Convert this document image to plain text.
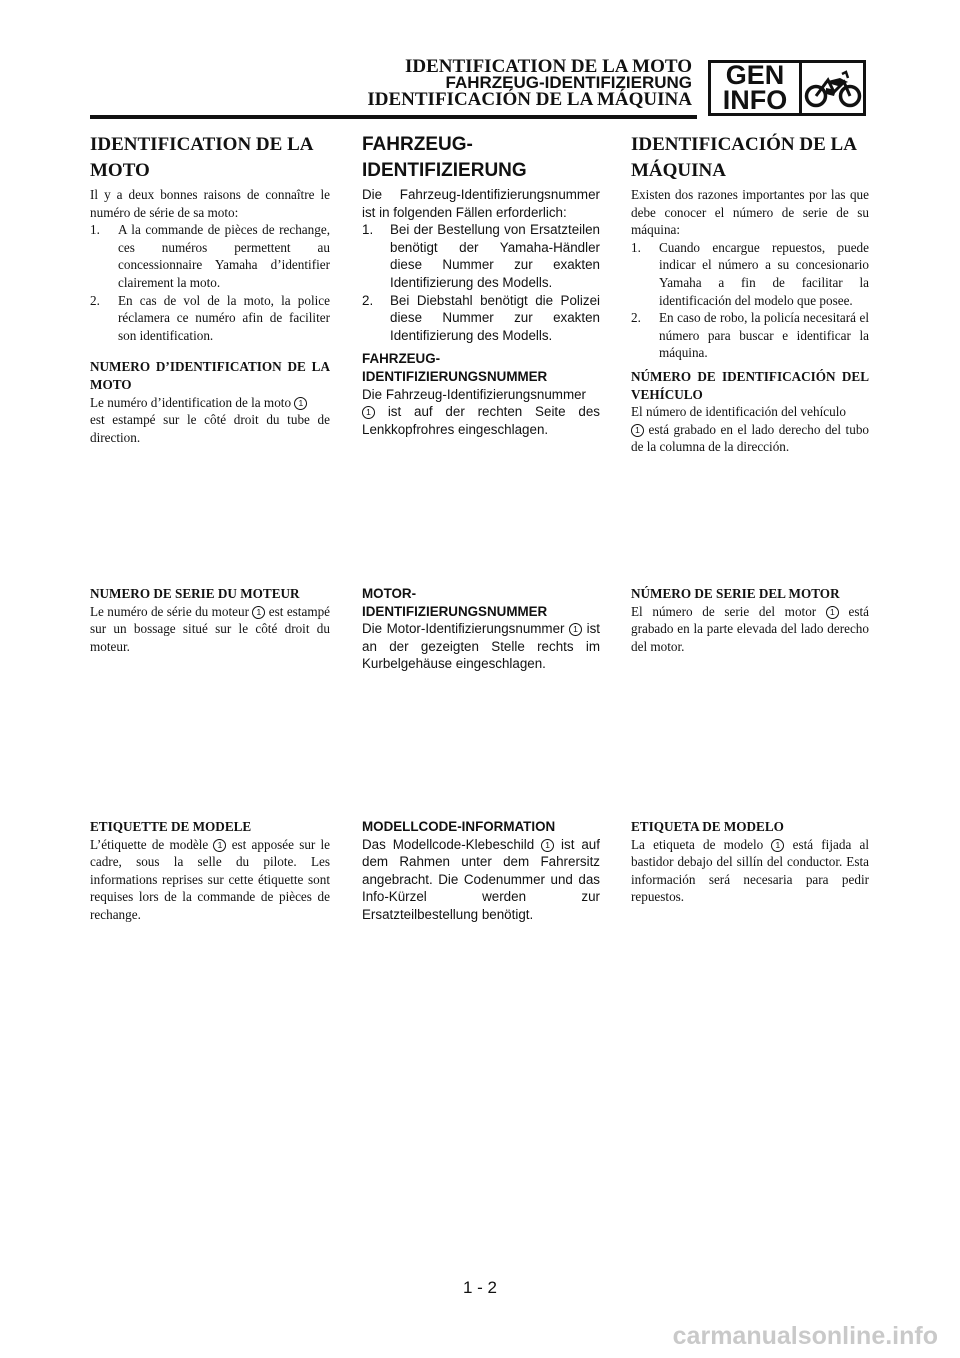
IDENTIFICATION DE LA MOTO
FAHRZEUG-IDENTIFIZIERUNG
IDENTIFICACIÓN DE LA MÁQUINA
GEN
INFO
IDENTIFICATION DE LA MOTO

Il y a deux bonnes raisons de connaître le numéro de série de sa moto:

1. A la commande de pièces de rechange, ces numéros permettent au concessionnaire Yamaha d’identifier clairement la moto.
2. En cas de vol de la moto, la police réclamera ce numéro afin de faciliter son identification.

NUMERO D’IDENTIFICATION DE LA MOTO

Le numéro d’identification de la moto 1
est estampé sur le côté droit du tube de direction.

FAHRZEUG-IDENTIFIZIERUNG

Die Fahrzeug-Identifizierungsnummer ist in folgenden Fällen erforderlich:

1. Bei der Bestellung von Ersatzteilen benötigt der Yamaha-Händler diese Nummer zur exakten Identifizierung des Modells.
2. Bei Diebstahl benötigt die Polizei diese Nummer zur exakten Identifizierung des Modells.

FAHRZEUG-IDENTIFIZIERUNGSNUMMER

Die Fahrzeug-Identifizierungsnummer
1 ist auf der rechten Seite des Lenkkopfrohres eingeschlagen.

IDENTIFICACIÓN DE LA MÁQUINA

Existen dos razones importantes por las que debe conocer el número de serie de su máquina:

1. Cuando encargue repuestos, puede indicar el número a su concesionario Yamaha a fin de facilitar la identificación del modelo que posee.
2. En caso de robo, la policía necesitará el número para buscar e identificar la máquina.

NÚMERO DE IDENTIFICACIÓN DEL VEHÍCULO

El número de identificación del vehículo
1 está grabado en el lado derecho del tubo de la columna de la dirección.

NUMERO DE SERIE DU MOTEUR

Le numéro de série du moteur 1 est estampé sur un bossage situé sur le côté droit du moteur.

MOTOR-IDENTIFIZIERUNGSNUMMER

Die Motor-Identifizierungsnummer 1 ist an der gezeigten Stelle rechts im Kurbelgehäuse eingeschlagen.

NÚMERO DE SERIE DEL MOTOR

El número de serie del motor 1 está grabado en la parte elevada del lado derecho del motor.

ETIQUETTE DE MODELE

L’étiquette de modèle 1 est apposée sur le cadre, sous la selle du pilote. Les informations reprises sur cette étiquette sont requises lors de la commande de pièces de rechange.

MODELLCODE-INFORMATION

Das Modellcode-Klebeschild 1 ist auf dem Rahmen unter dem Fahrersitz angebracht. Die Codenummer und das Info-Kürzel werden zur Ersatzteilbestellung benötigt.

ETIQUETA DE MODELO

La etiqueta de modelo 1 está fijada al bastidor debajo del sillín del conductor. Esta información será necesaria para pedir repuestos.

1 - 2
carmanualsonline.info
